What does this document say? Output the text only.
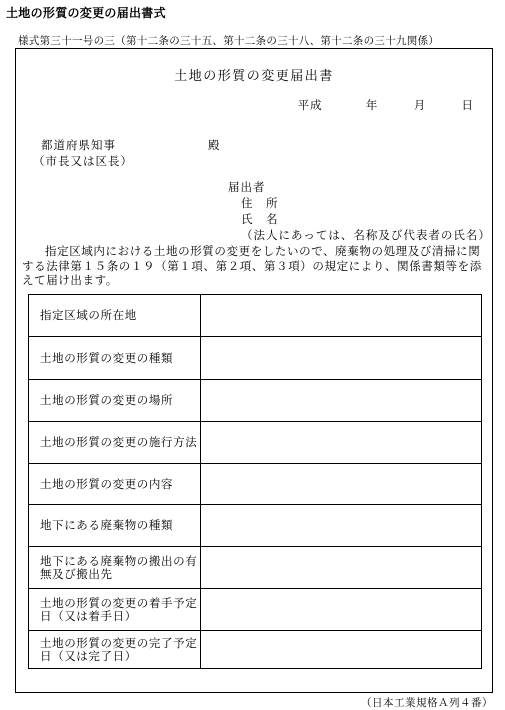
土地の形質の変更の届出書式
様式第三十一号の三（第十二条の三十五、第十二条の三十八、第十二条の三十九関係）
土地の形質の変更届出書
平成	年	月	日
都道府県知事
（市長又は区長）
殿
届出者
住　所
氏　名
（法人にあっては、名称及び代表者の氏名）
指定区域内における土地の形質の変更をしたいので、廃棄物の処理及び清掃に関する法律第１５条の１９（第１項、第２項、第３項）の規定により、関係書類等を添えて届け出ます。
指定区域の所在地	
土地の形質の変更の種類	
土地の形質の変更の場所	
土地の形質の変更の施行方法	
土地の形質の変更の内容	
地下にある廃棄物の種類	
地下にある廃棄物の搬出の有無及び搬出先	
土地の形質の変更の着手予定日（又は着手日）	
土地の形質の変更の完了予定日（又は完了日）	
（日本工業規格Ａ列４番）
